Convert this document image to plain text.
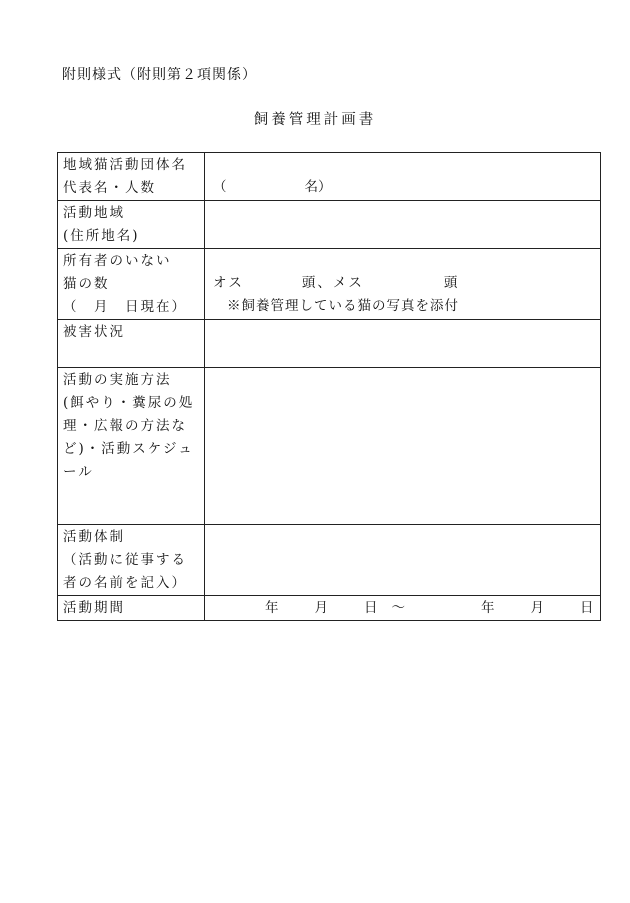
附則様式（附則第２項関係）
飼養管理計画書
地域猫活動団体名
代表名・人数	（ 名）

活動地域
(住所地名)	

所有者のいない
猫の数
（　月　日現在）	オス 頭、メス 頭
※飼養管理している猫の写真を添付

被害状況	

活動の実施方法
(餌やり・糞尿の処
理・広報の方法な
ど)・活動スケジュ
ール	

活動体制
（活動に従事する
者の名前を記入）	

活動期間	年 月 日 〜 年 月 日
